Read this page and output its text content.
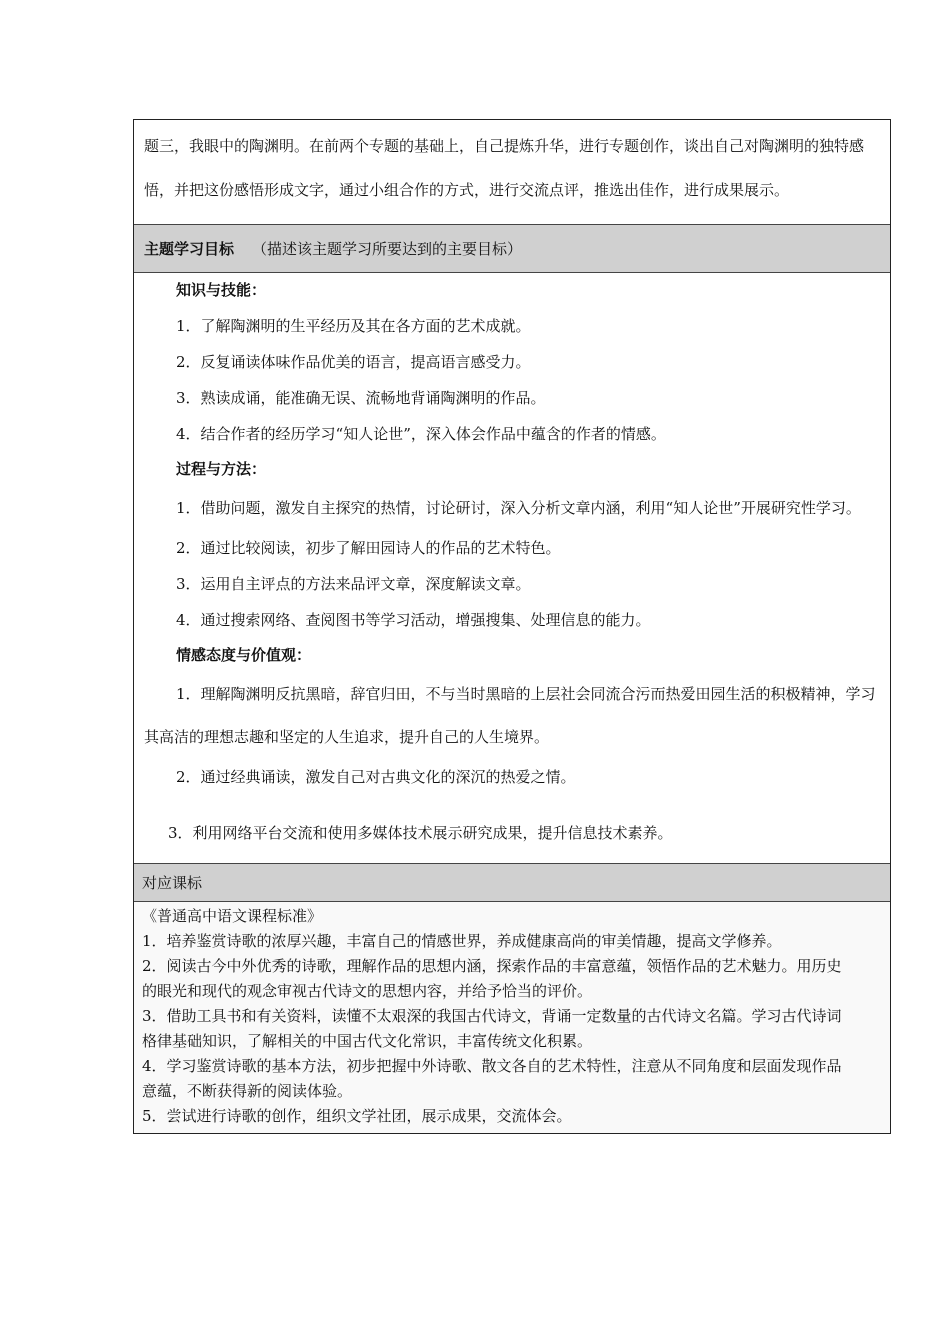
题三，我眼中的陶渊明。在前两个专题的基础上，自己提炼升华，进行专题创作，谈出自己对陶渊明的独特感悟，并把这份感悟形成文字，通过小组合作的方式，进行交流点评，推选出佳作，进行成果展示。
主题学习目标 （描述该主题学习所要达到的主要目标）
知识与技能：
1．了解陶渊明的生平经历及其在各方面的艺术成就。
2．反复诵读体味作品优美的语言，提高语言感受力。
3．熟读成诵，能准确无误、流畅地背诵陶渊明的作品。
4．结合作者的经历学习“知人论世”，深入体会作品中蕴含的作者的情感。
过程与方法：
1．借助问题，激发自主探究的热情，讨论研讨，深入分析文章内涵，利用“知人论世”开展研究性学习。
2．通过比较阅读，初步了解田园诗人的作品的艺术特色。
3．运用自主评点的方法来品评文章，深度解读文章。
4．通过搜索网络、查阅图书等学习活动，增强搜集、处理信息的能力。
情感态度与价值观：
1．理解陶渊明反抗黑暗，辞官归田，不与当时黑暗的上层社会同流合污而热爱田园生活的积极精神，学习其高洁的理想志趣和坚定的人生追求，提升自己的人生境界。
2．通过经典诵读，激发自己对古典文化的深沉的热爱之情。
3．利用网络平台交流和使用多媒体技术展示研究成果，提升信息技术素养。
对应课标
《普通高中语文课程标准》
1．培养鉴赏诗歌的浓厚兴趣，丰富自己的情感世界，养成健康高尚的审美情趣，提高文学修养。
2．阅读古今中外优秀的诗歌，理解作品的思想内涵，探索作品的丰富意蕴，领悟作品的艺术魅力。用历史的眼光和现代的观念审视古代诗文的思想内容，并给予恰当的评价。
3．借助工具书和有关资料，读懂不太艰深的我国古代诗文，背诵一定数量的古代诗文名篇。学习古代诗词格律基础知识，了解相关的中国古代文化常识，丰富传统文化积累。
4．学习鉴赏诗歌的基本方法，初步把握中外诗歌、散文各自的艺术特性，注意从不同角度和层面发现作品意蕴，不断获得新的阅读体验。
5．尝试进行诗歌的创作，组织文学社团，展示成果，交流体会。
